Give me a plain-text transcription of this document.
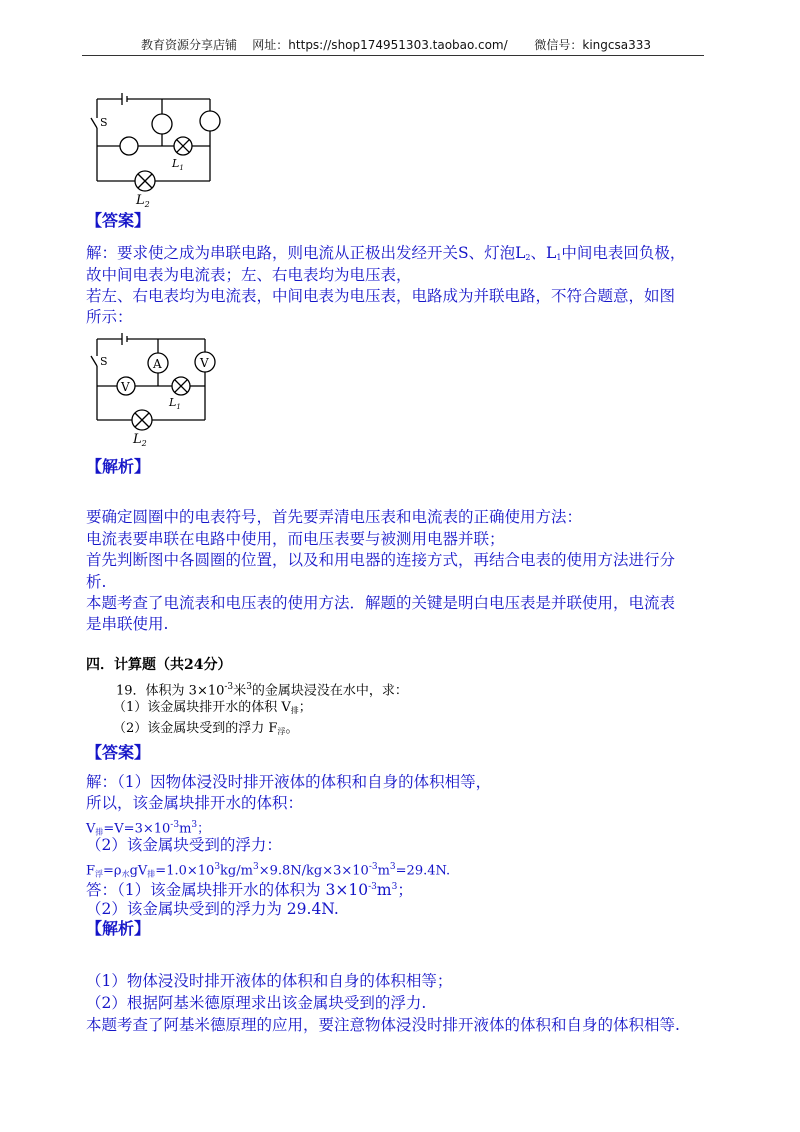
教育资源分享店铺 网址：https://shop174951303.taobao.com/ 微信号：kingcsa333
S
$L_1$
$L_2$
【答案】
解：要求使之成为串联电路，则电流从正极出发经开关S、灯泡$L_2$、$L_1$中间电表回负极，
故中间电表为电流表；左、右电表均为电压表，
若左、右电表均为电流表，中间电表为电压表，电路成为并联电路，不符合题意，如图
所示：
S	A	V
V
$L_1$
$L_2$
【解析】
要确定圆圈中的电表符号，首先要弄清电压表和电流表的正确使用方法：
电流表要串联在电路中使用，而电压表要与被测用电器并联；
首先判断图中各圆圈的位置，以及和用电器的连接方式，再结合电表的使用方法进行分
析.
本题考查了电流表和电压表的使用方法．解题的关键是明白电压表是并联使用，电流表
是串联使用.
四．计算题（共24分）
19．体积为 $3\times 10^{-3}$米$^3$的金属块浸没在水中，求：
（1）该金属块排开水的体积 $V_排$；
（2）该金属块受到的浮力 $F_浮$。
【答案】
解：（1）因物体浸没时排开液体的体积和自身的体积相等，
所以，该金属块排开水的体积：
$V_排=V=3\times 10^{-3}m^3$；
（2）该金属块受到的浮力：
$F_浮=\rho_水gV_排=1.0\times 10^3kg/m^3\times 9.8N/kg\times 3\times 10^{-3}m^3=29.4N$.
答：（1）该金属块排开水的体积为 $3\times 10^{-3}m^3$；
（2）该金属块受到的浮力为 29.4N.
【解析】
（1）物体浸没时排开液体的体积和自身的体积相等；
（2）根据阿基米德原理求出该金属块受到的浮力.
本题考查了阿基米德原理的应用，要注意物体浸没时排开液体的体积和自身的体积相等.
